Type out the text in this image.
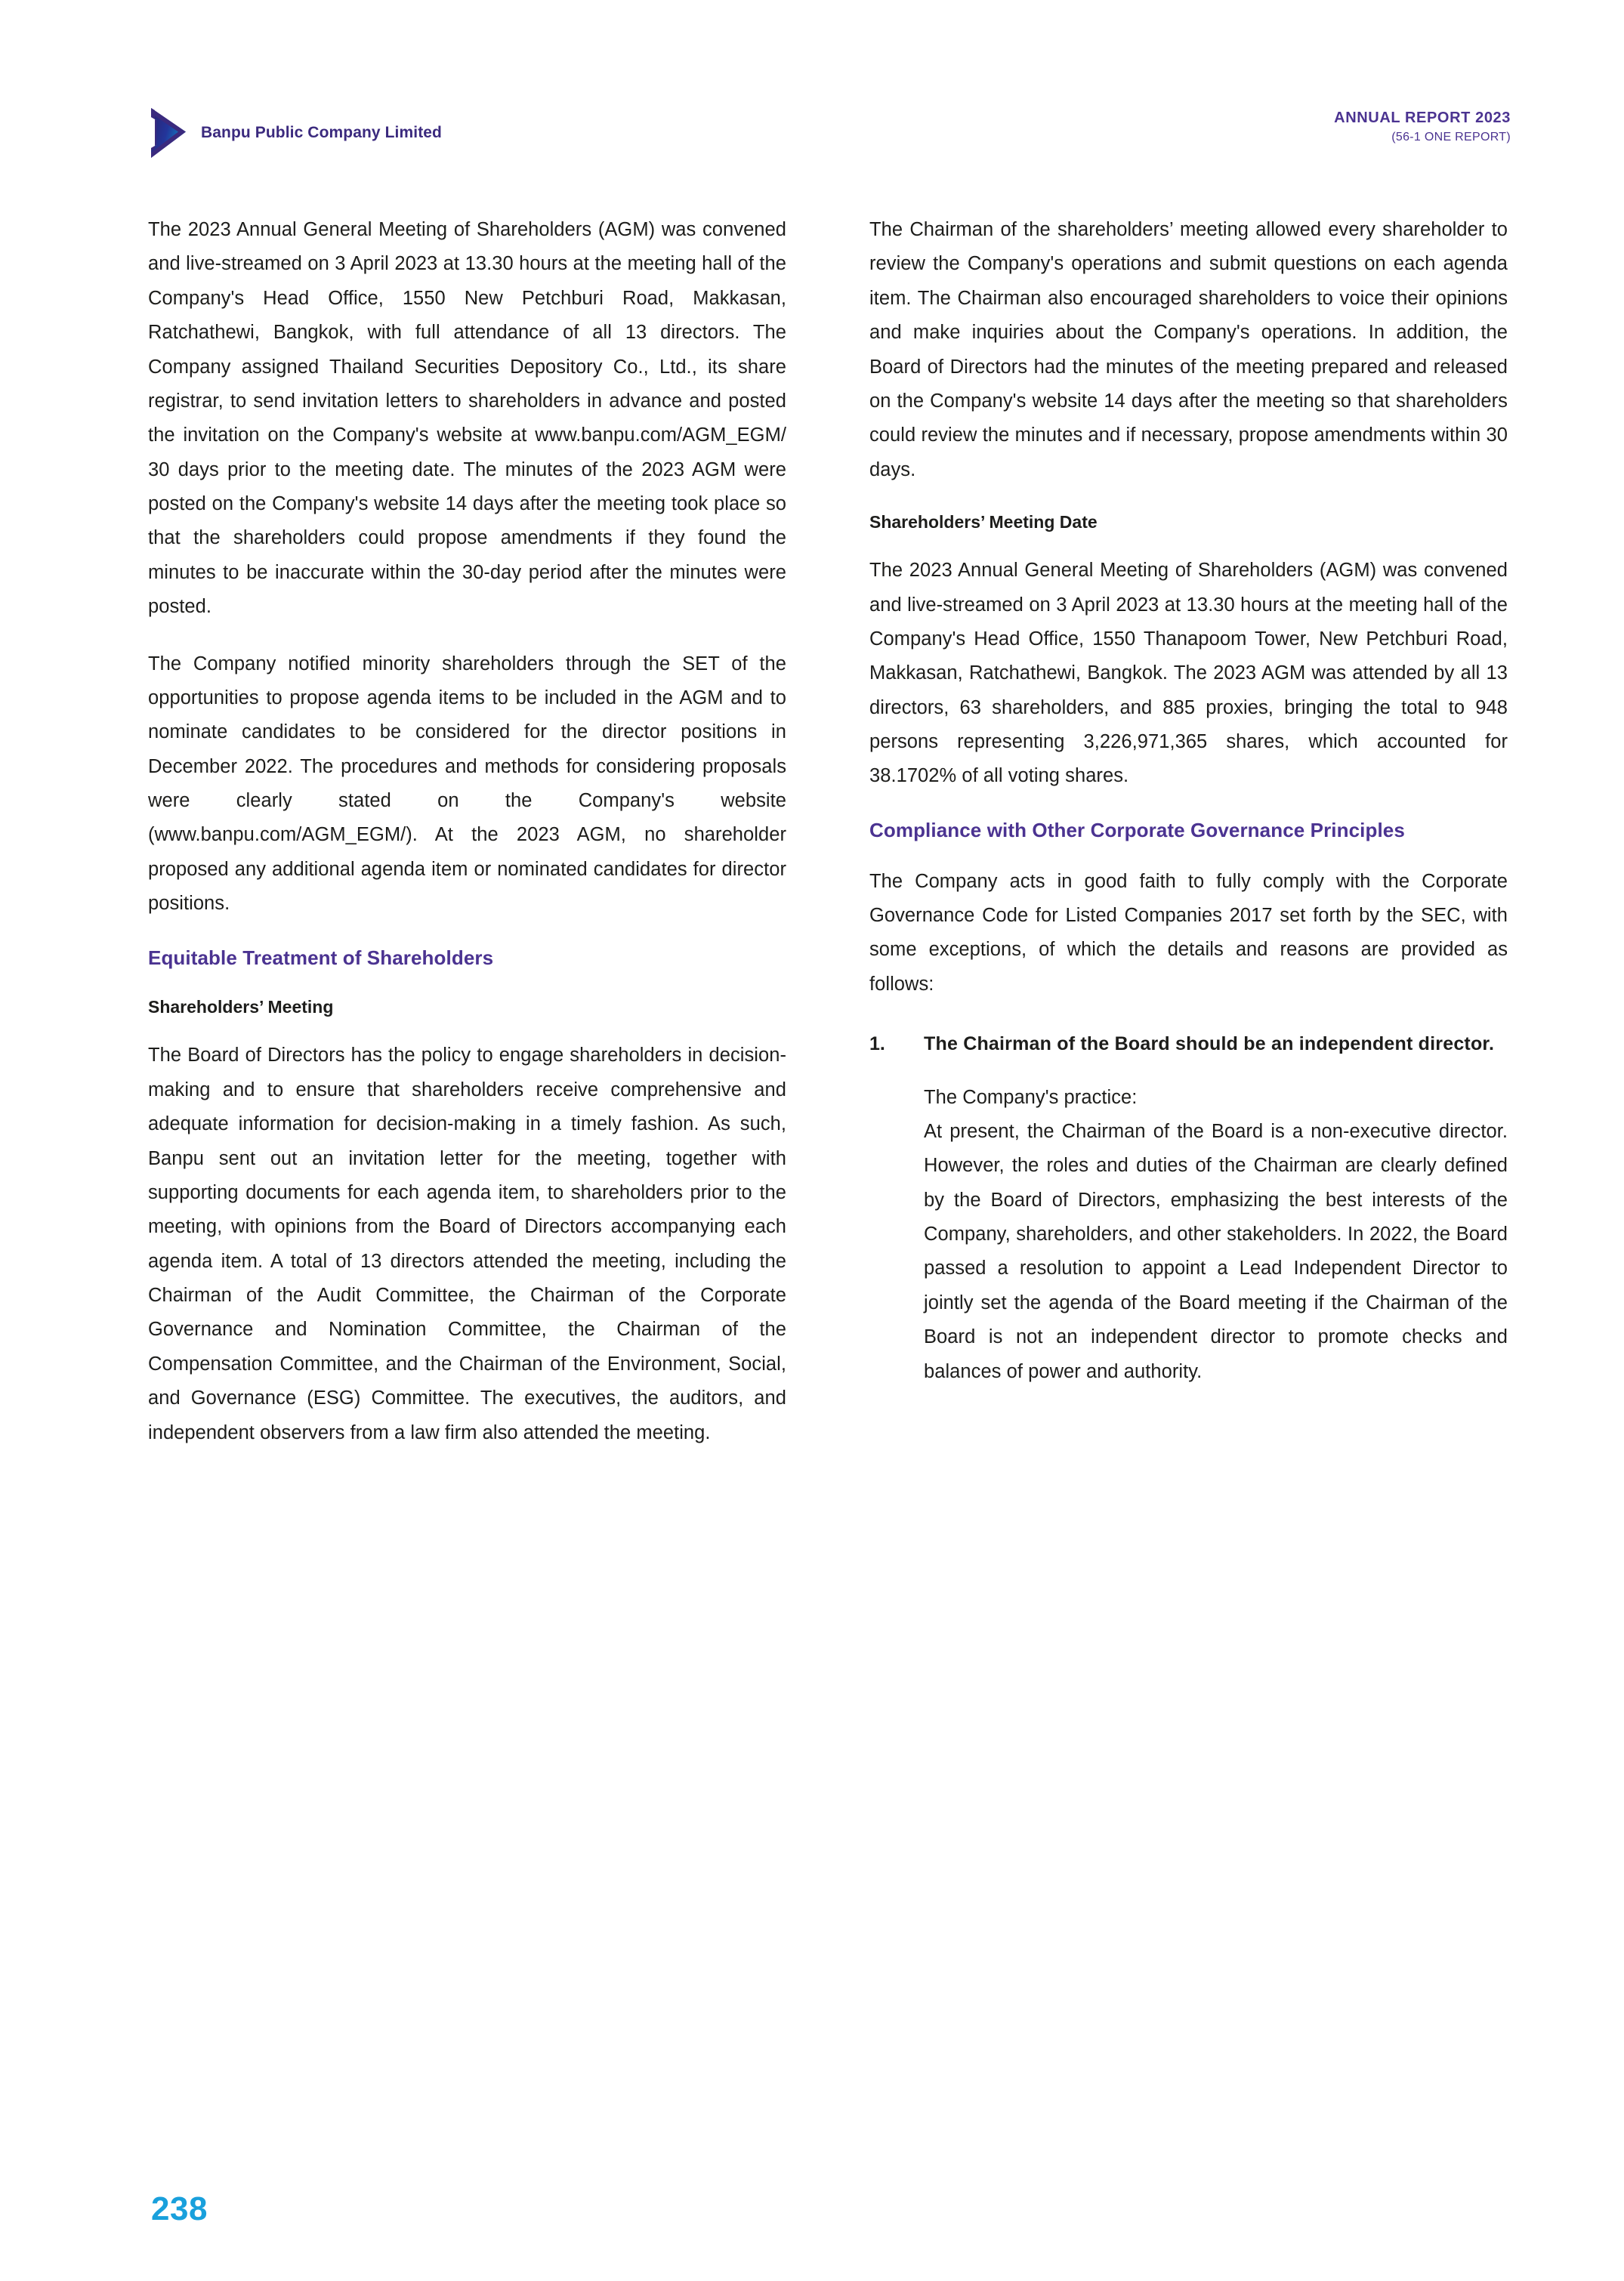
Banpu Public Company Limited
ANNUAL REPORT 2023
(56-1 ONE REPORT)

The 2023 Annual General Meeting of Shareholders (AGM) was convened and live-streamed on 3 April 2023 at 13.30 hours at the meeting hall of the Company's Head Office, 1550 New Petchburi Road, Makkasan, Ratchathewi, Bangkok, with full attendance of all 13 directors. The Company assigned Thailand Securities Depository Co., Ltd., its share registrar, to send invitation letters to shareholders in advance and posted the invitation on the Company's website at www.banpu.com/AGM_EGM/ 30 days prior to the meeting date. The minutes of the 2023 AGM were posted on the Company's website 14 days after the meeting took place so that the shareholders could propose amendments if they found the minutes to be inaccurate within the 30-day period after the minutes were posted.

The Company notified minority shareholders through the SET of the opportunities to propose agenda items to be included in the AGM and to nominate candidates to be considered for the director positions in December 2022. The procedures and methods for considering proposals were clearly stated on the Company's website (www.banpu.com/AGM_EGM/). At the 2023 AGM, no shareholder proposed any additional agenda item or nominated candidates for director positions.

Equitable Treatment of Shareholders
Shareholders’ Meeting

The Board of Directors has the policy to engage shareholders in decision-making and to ensure that shareholders receive comprehensive and adequate information for decision-making in a timely fashion. As such, Banpu sent out an invitation letter for the meeting, together with supporting documents for each agenda item, to shareholders prior to the meeting, with opinions from the Board of Directors accompanying each agenda item. A total of 13 directors attended the meeting, including the Chairman of the Audit Committee, the Chairman of the Corporate Governance and Nomination Committee, the Chairman of the Compensation Committee, and the Chairman of the Environment, Social, and Governance (ESG) Committee. The executives, the auditors, and independent observers from a law firm also attended the meeting.

The Chairman of the shareholders’ meeting allowed every shareholder to review the Company's operations and submit questions on each agenda item. The Chairman also encouraged shareholders to voice their opinions and make inquiries about the Company's operations. In addition, the Board of Directors had the minutes of the meeting prepared and released on the Company's website 14 days after the meeting so that shareholders could review the minutes and if necessary, propose amendments within 30 days.

Shareholders’ Meeting Date

The 2023 Annual General Meeting of Shareholders (AGM) was convened and live-streamed on 3 April 2023 at 13.30 hours at the meeting hall of the Company's Head Office, 1550 Thanapoom Tower, New Petchburi Road, Makkasan, Ratchathewi, Bangkok. The 2023 AGM was attended by all 13 directors, 63 shareholders, and 885 proxies, bringing the total to 948 persons representing 3,226,971,365 shares, which accounted for 38.1702% of all voting shares.

Compliance with Other Corporate Governance Principles

The Company acts in good faith to fully comply with the Corporate Governance Code for Listed Companies 2017 set forth by the SEC, with some exceptions, of which the details and reasons are provided as follows:

1.	The Chairman of the Board should be an independent director.

The Company's practice:

At present, the Chairman of the Board is a non-executive director. However, the roles and duties of the Chairman are clearly defined by the Board of Directors, emphasizing the best interests of the Company, shareholders, and other stakeholders. In 2022, the Board passed a resolution to appoint a Lead Independent Director to jointly set the agenda of the Board meeting if the Chairman of the Board is not an independent director to promote checks and balances of power and authority.

238
